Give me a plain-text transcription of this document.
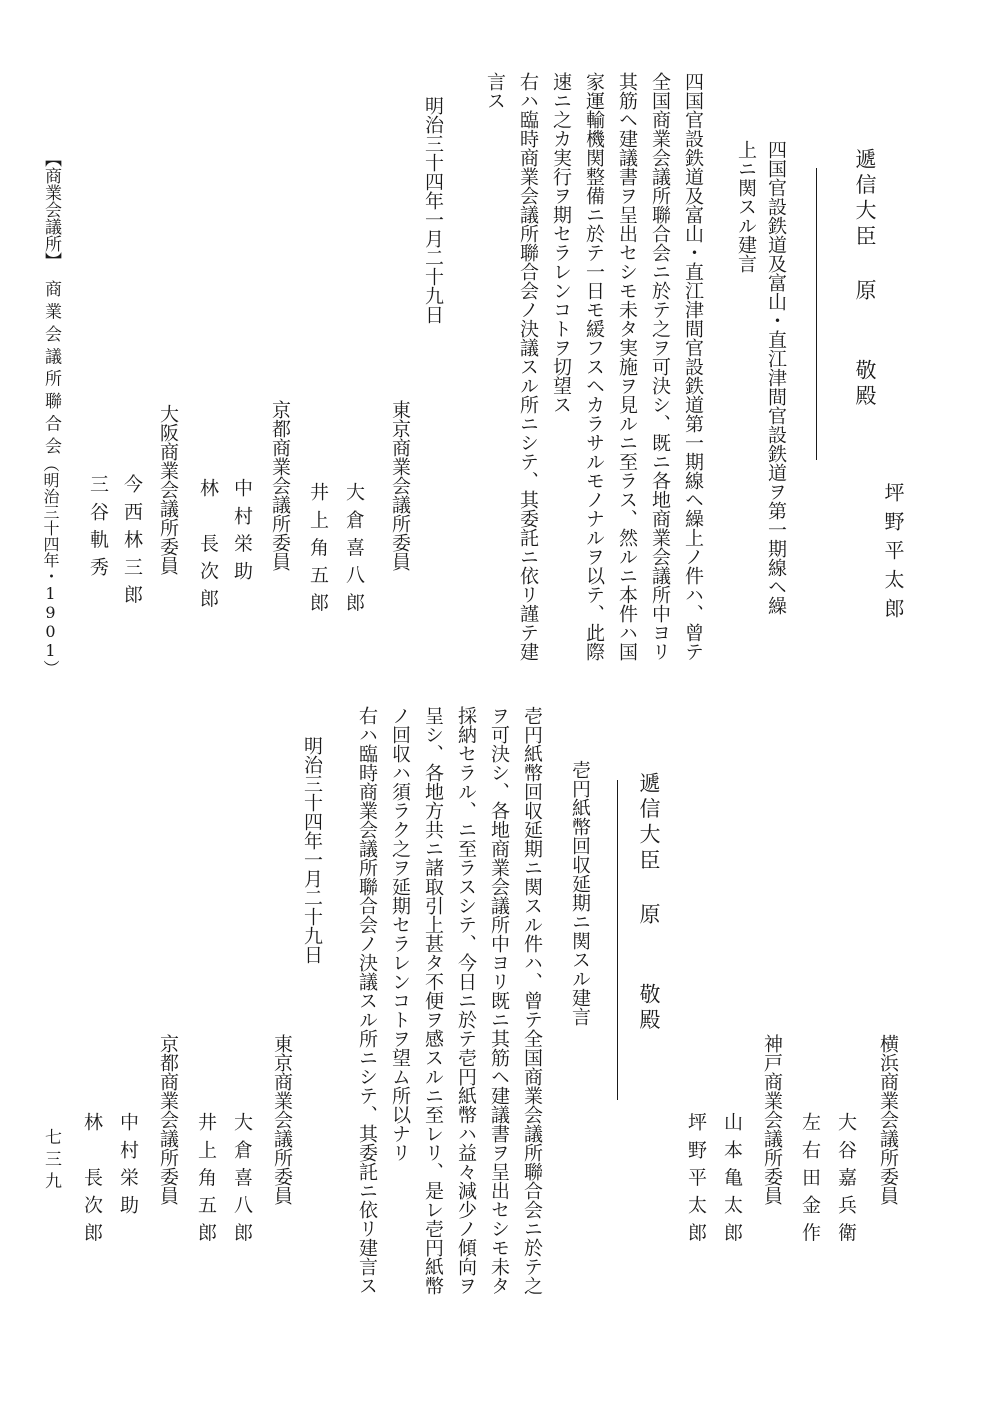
遞信大臣 原　 敬殿
坪野平太郎
四国官設鉄道及富山・直江津間官設鉄道ヲ第一期線ヘ繰
上ニ関スル建言
四国官設鉄道及富山・直江津間官設鉄道第一期線ヘ繰上ノ件ハ、曾テ
全国商業会議所聯合会ニ於テ之ヲ可決シ、既ニ各地商業会議所中ヨリ
其筋ヘ建議書ヲ呈出セシモ未タ実施ヲ見ルニ至ラス、然ルニ本件ハ国
家運輸機関整備ニ於テ一日モ緩フスヘカラサルモノナルヲ以テ、此際
速ニ之カ実行ヲ期セラレンコトヲ切望ス
右ハ臨時商業会議所聯合会ノ決議スル所ニシテ、其委託ニ依リ謹テ建
言ス
明治三十四年一月二十九日
東京商業会議所委員
大倉喜八郎
井上角五郎
京都商業会議所委員
中村栄助
林　長次郎
大阪商業会議所委員
今西林三郎
三谷軌秀
遞信大臣 原　 敬殿
壱円紙幣回収延期ニ関スル建言
壱円紙幣回収延期ニ関スル件ハ、曾テ全国商業会議所聯合会ニ於テ之
ヲ可決シ、各地商業会議所中ヨリ既ニ其筋ヘ建議書ヲ呈出セシモ未タ
採納セラル、ニ至ラスシテ、今日ニ於テ壱円紙幣ハ益々減少ノ傾向ヲ
呈シ、各地方共ニ諸取引上甚タ不便ヲ感スルニ至レリ、是レ壱円紙幣
ノ回収ハ須ラク之ヲ延期セラレンコトヲ望ム所以ナリ
右ハ臨時商業会議所聯合会ノ決議スル所ニシテ、其委託ニ依リ建言ス
明治三十四年一月二十九日
横浜商業会議所委員
大谷嘉兵衛
左右田金作
神戸商業会議所委員
山本亀太郎
坪野平太郎
東京商業会議所委員
大倉喜八郎
井上角五郎
京都商業会議所委員
中村栄助
林　長次郎
【商業会議所】
商業会議所聯合会
（明治三十四年・1901）
七三九
